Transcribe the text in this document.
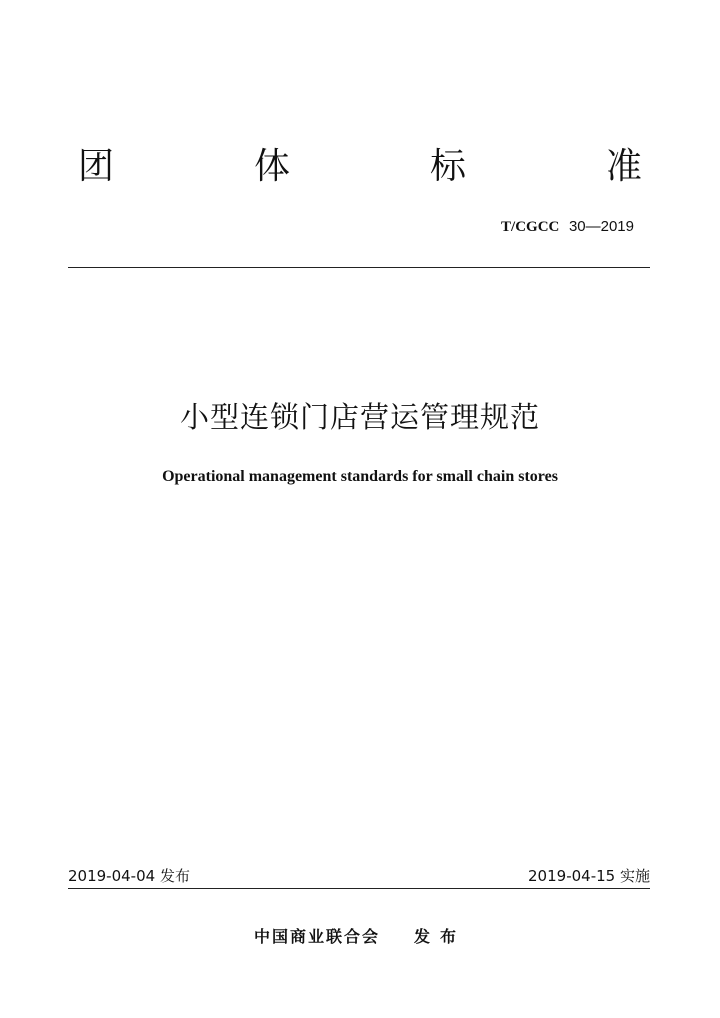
团	体	标	准
T/CGCC 30—2019
小型连锁门店营运管理规范
Operational management standards for small chain stores
2019-04-04 发布	2019-04-15 实施
中国商业联合会 发布
